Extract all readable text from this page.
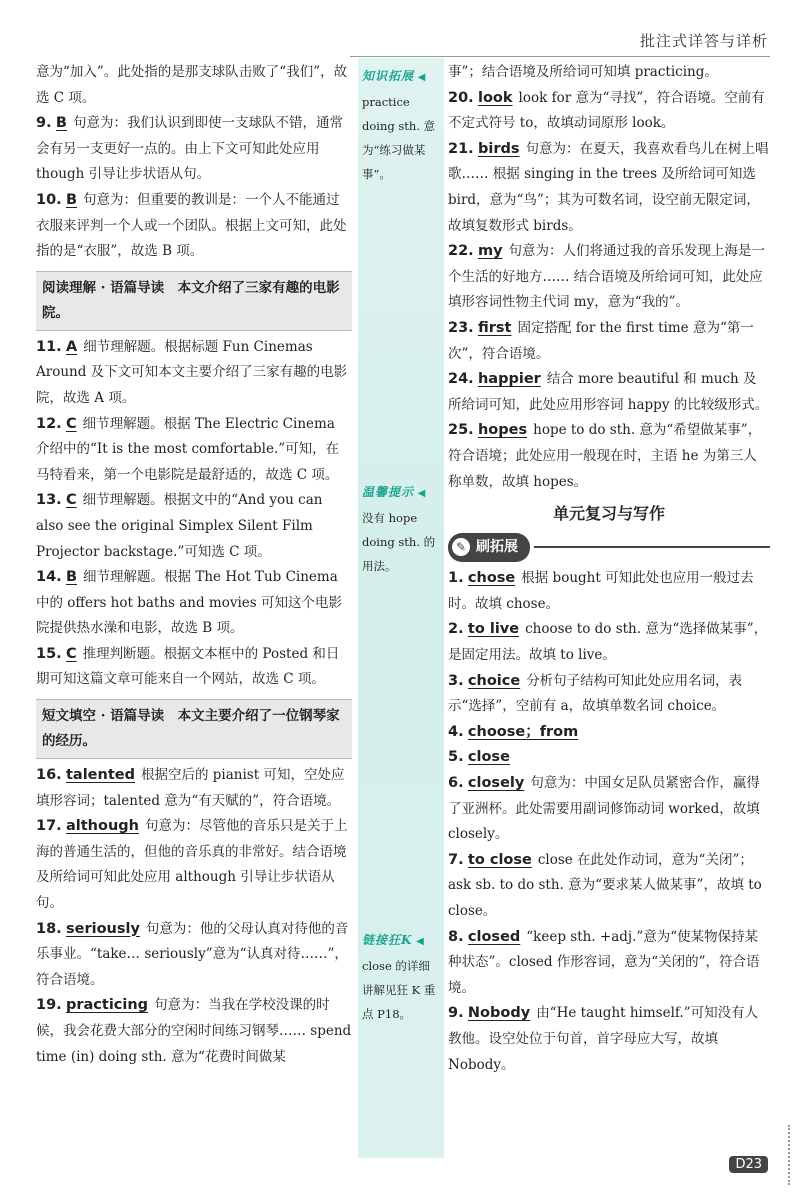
批注式详答与详析

意为“加入”。此处指的是那支球队击败了“我们”，故选 C 项。

9. B 句意为：我们认识到即使一支球队不错，通常会有另一支更好一点的。由上下文可知此处应用 though 引导让步状语从句。

10. B 句意为：但重要的教训是：一个人不能通过衣服来评判一个人或一个团队。根据上文可知，此处指的是“衣服”，故选 B 项。

阅读理解 · 语篇导读　本文介绍了三家有趣的电影院。

11. A 细节理解题。根据标题 Fun Cinemas Around 及下文可知本文主要介绍了三家有趣的电影院，故选 A 项。

12. C 细节理解题。根据 The Electric Cinema 介绍中的“It is the most comfortable.”可知，在马特看来，第一个电影院是最舒适的，故选 C 项。

13. C 细节理解题。根据文中的“And you can also see the original Simplex Silent Film Projector backstage.”可知选 C 项。

14. B 细节理解题。根据 The Hot Tub Cinema 中的 offers hot baths and movies 可知这个电影院提供热水澡和电影，故选 B 项。

15. C 推理判断题。根据文本框中的 Posted 和日期可知这篇文章可能来自一个网站，故选 C 项。

短文填空 · 语篇导读　本文主要介绍了一位钢琴家的经历。

16. talented 根据空后的 pianist 可知，空处应填形容词；talented 意为“有天赋的”，符合语境。

17. although 句意为：尽管他的音乐只是关于上海的普通生活的，但他的音乐真的非常好。结合语境及所给词可知此处应用 although 引导让步状语从句。

18. seriously 句意为：他的父母认真对待他的音乐事业。“take… seriously”意为“认真对待……”，符合语境。

19. practicing 句意为：当我在学校没课的时候，我会花费大部分的空闲时间练习钢琴…… spend time (in) doing sth. 意为“花费时间做某

知识拓展 ◀
practice doing sth. 意为“练习做某事”。
温馨提示 ◀
没有 hope doing sth. 的用法。
链接狂K ◀
close 的详细讲解见狂 K 重点 P18。

事”；结合语境及所给词可知填 practicing。

20. look look for 意为“寻找”，符合语境。空前有不定式符号 to，故填动词原形 look。

21. birds 句意为：在夏天，我喜欢看鸟儿在树上唱歌…… 根据 singing in the trees 及所给词可知选 bird，意为“鸟”；其为可数名词，设空前无限定词，故填复数形式 birds。

22. my 句意为：人们将通过我的音乐发现上海是一个生活的好地方…… 结合语境及所给词可知，此处应填形容词性物主代词 my，意为“我的”。

23. first 固定搭配 for the first time 意为“第一次”，符合语境。

24. happier 结合 more beautiful 和 much 及所给词可知，此处应用形容词 happy 的比较级形式。

25. hopes hope to do sth. 意为“希望做某事”，符合语境；此处应用一般现在时，主语 he 为第三人称单数，故填 hopes。

单元复习与写作
✎ 刷拓展

1. chose 根据 bought 可知此处也应用一般过去时。故填 chose。

2. to live choose to do sth. 意为“选择做某事”，是固定用法。故填 to live。

3. choice 分析句子结构可知此处应用名词，表示“选择”，空前有 a，故填单数名词 choice。

4. choose；from

5. close

6. closely 句意为：中国女足队员紧密合作，赢得了亚洲杯。此处需要用副词修饰动词 worked，故填 closely。

7. to close close 在此处作动词，意为“关闭”；ask sb. to do sth. 意为“要求某人做某事”，故填 to close。

8. closed “keep sth. +adj.”意为“使某物保持某种状态”。closed 作形容词，意为“关闭的”，符合语境。

9. Nobody 由“He taught himself.”可知没有人教他。设空处位于句首，首字母应大写，故填 Nobody。

D23
